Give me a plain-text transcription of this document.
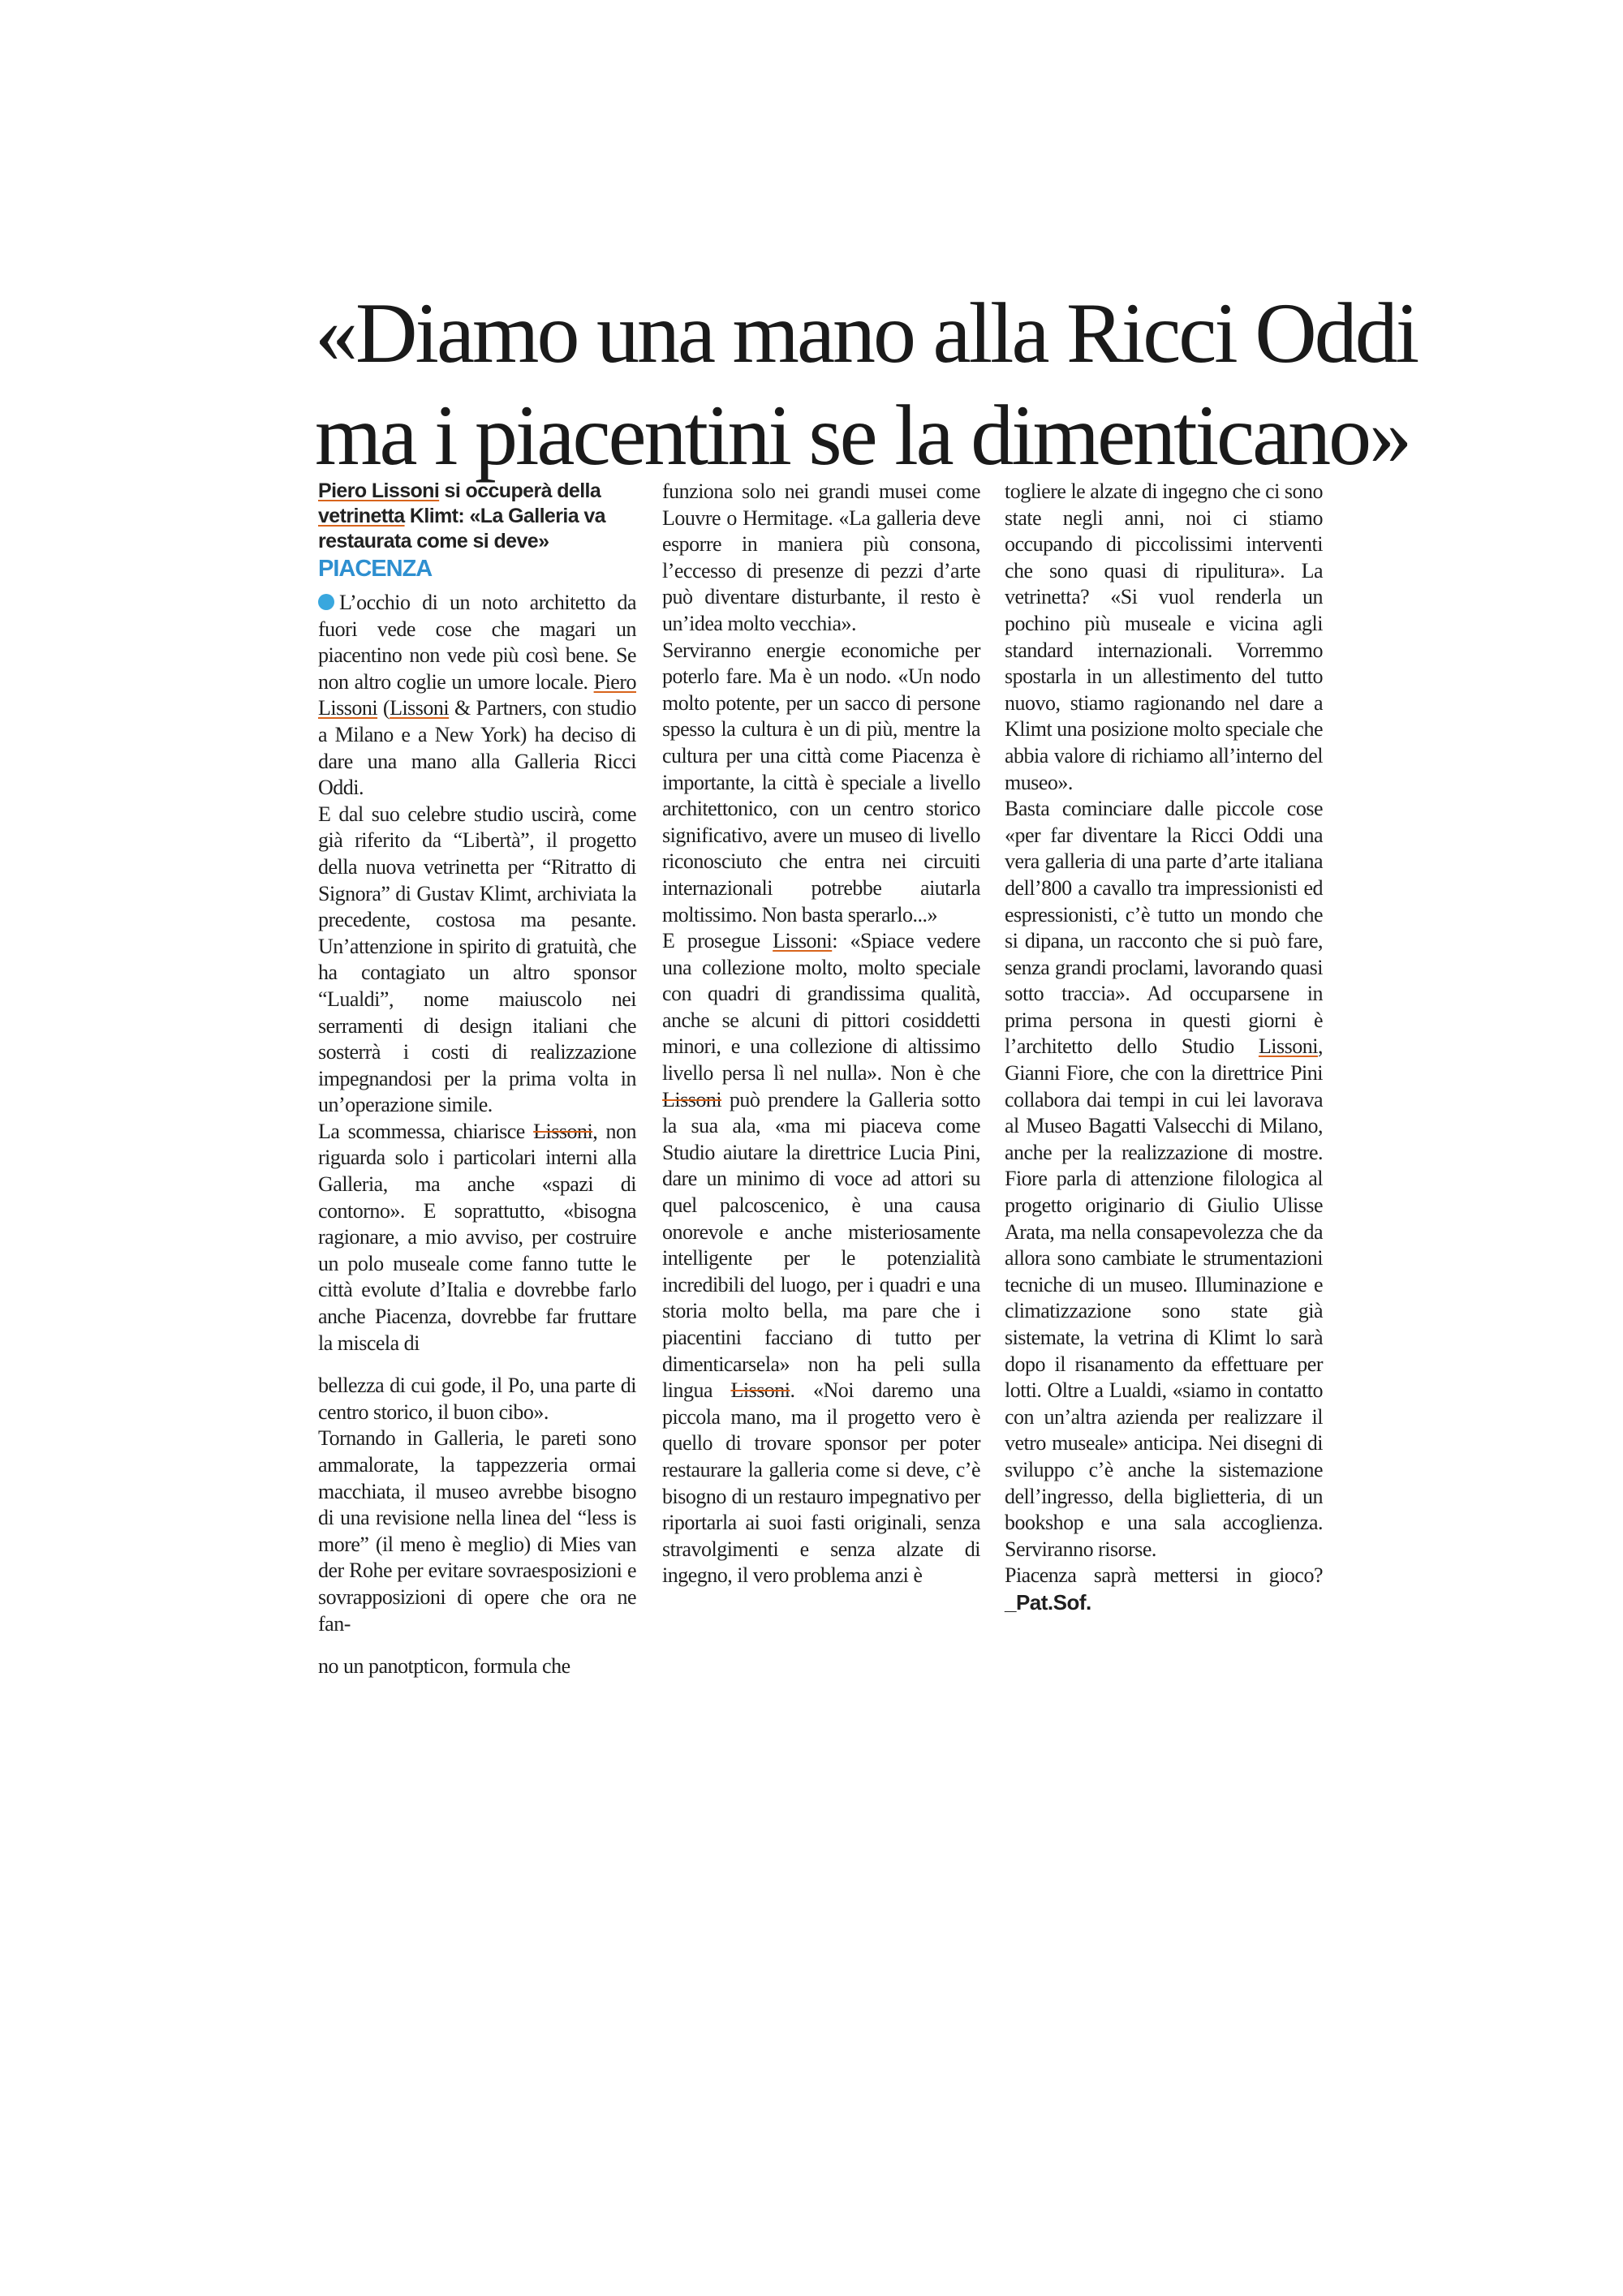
«Diamo una mano alla Ricci Oddi
ma i piacentini se la dimenticano»

Piero Lissoni si occuperà della vetrinetta Klimt: «La Galleria va restaurata come si deve»

PIACENZA

L’occhio di un noto architetto da fuori vede cose che magari un piacentino non vede più così bene. Se non altro coglie un umore locale. Piero Lissoni (Lissoni & Partners, con studio a Milano e a New York) ha deciso di dare una mano alla Galleria Ricci Oddi.

E dal suo celebre studio uscirà, come già riferito da “Libertà”, il progetto della nuova vetrinetta per “Ritratto di Signora” di Gustav Klimt, archiviata la precedente, costosa ma pesante. Un’attenzione in spirito di gratuità, che ha contagiato un altro sponsor “Lualdi”, nome maiuscolo nei serramenti di design italiani che sosterrà i costi di realizzazione impegnandosi per la prima volta in un’operazione simile.

La scommessa, chiarisce Lissoni, non riguarda solo i particolari interni alla Galleria, ma anche «spazi di contorno». E soprattutto, «bisogna ragionare, a mio avviso, per costruire un polo museale come fanno tutte le città evolute d’Italia e dovrebbe farlo anche Piacenza, dovrebbe far fruttare la miscela di

bellezza di cui gode, il Po, una parte di centro storico, il buon cibo».

Tornando in Galleria, le pareti sono ammalorate, la tappezzeria ormai macchiata, il museo avrebbe bisogno di una revisione nella linea del “less is more” (il meno è meglio) di Mies van der Rohe per evitare sovraesposizioni e sovrapposizioni di opere che ora ne fan-

no un panotpticon, formula che

funziona solo nei grandi musei come Louvre o Hermitage. «La galleria deve esporre in maniera più consona, l’eccesso di presenze di pezzi d’arte può diventare disturbante, il resto è un’idea molto vecchia».

Serviranno energie economiche per poterlo fare. Ma è un nodo. «Un nodo molto potente, per un sacco di persone spesso la cultura è un di più, mentre la cultura per una città come Piacenza è importante, la città è speciale a livello architettonico, con un centro storico significativo, avere un museo di livello riconosciuto che entra nei circuiti internazionali potrebbe aiutarla moltissimo. Non basta sperarlo...»

E prosegue Lissoni: «Spiace vedere una collezione molto, molto speciale con quadri di grandissima qualità, anche se alcuni di pittori cosiddetti minori, e una collezione di altissimo livello persa lì nel nulla». Non è che Lissoni può prendere la Galleria sotto la sua ala, «ma mi piaceva come Studio aiutare la direttrice Lucia Pini, dare un minimo di voce ad attori su quel palcoscenico, è una causa onorevole e anche misteriosamente intelligente per le potenzialità incredibili del luogo, per i quadri e una storia molto bella, ma pare che i piacentini facciano di tutto per dimenticarsela» non ha peli sulla lingua Lissoni. «Noi daremo una piccola mano, ma il progetto vero è quello di trovare sponsor per poter restaurare la galleria come si deve, c’è bisogno di un restauro impegnativo per riportarla ai suoi fasti originali, senza stravolgimenti e senza alzate di ingegno, il vero problema anzi è

togliere le alzate di ingegno che ci sono state negli anni, noi ci stiamo occupando di piccolissimi interventi che sono quasi di ripulitura». La vetrinetta? «Si vuol renderla un pochino più museale e vicina agli standard internazionali. Vorremmo spostarla in un allestimento del tutto nuovo, stiamo ragionando nel dare a Klimt una posizione molto speciale che abbia valore di richiamo all’interno del museo».

Basta cominciare dalle piccole cose «per far diventare la Ricci Oddi una vera galleria di una parte d’arte italiana dell’800 a cavallo tra impressionisti ed espressionisti, c’è tutto un mondo che si dipana, un racconto che si può fare, senza grandi proclami, lavorando quasi sotto traccia». Ad occuparsene in prima persona in questi giorni è l’architetto dello Studio Lissoni, Gianni Fiore, che con la direttrice Pini collabora dai tempi in cui lei lavorava al Museo Bagatti Valsecchi di Milano, anche per la realizzazione di mostre. Fiore parla di attenzione filologica al progetto originario di Giulio Ulisse Arata, ma nella consapevolezza che da allora sono cambiate le strumentazioni tecniche di un museo. Illuminazione e climatizzazione sono state già sistemate, la vetrina di Klimt lo sarà dopo il risanamento da effettuare per lotti. Oltre a Lualdi, «siamo in contatto con un’altra azienda per realizzare il vetro museale» anticipa. Nei disegni di sviluppo c’è anche la sistemazione dell’ingresso, della biglietteria, di un bookshop e una sala accoglienza. Serviranno risorse.

Piacenza saprà mettersi in gioco?_Pat.Sof.
